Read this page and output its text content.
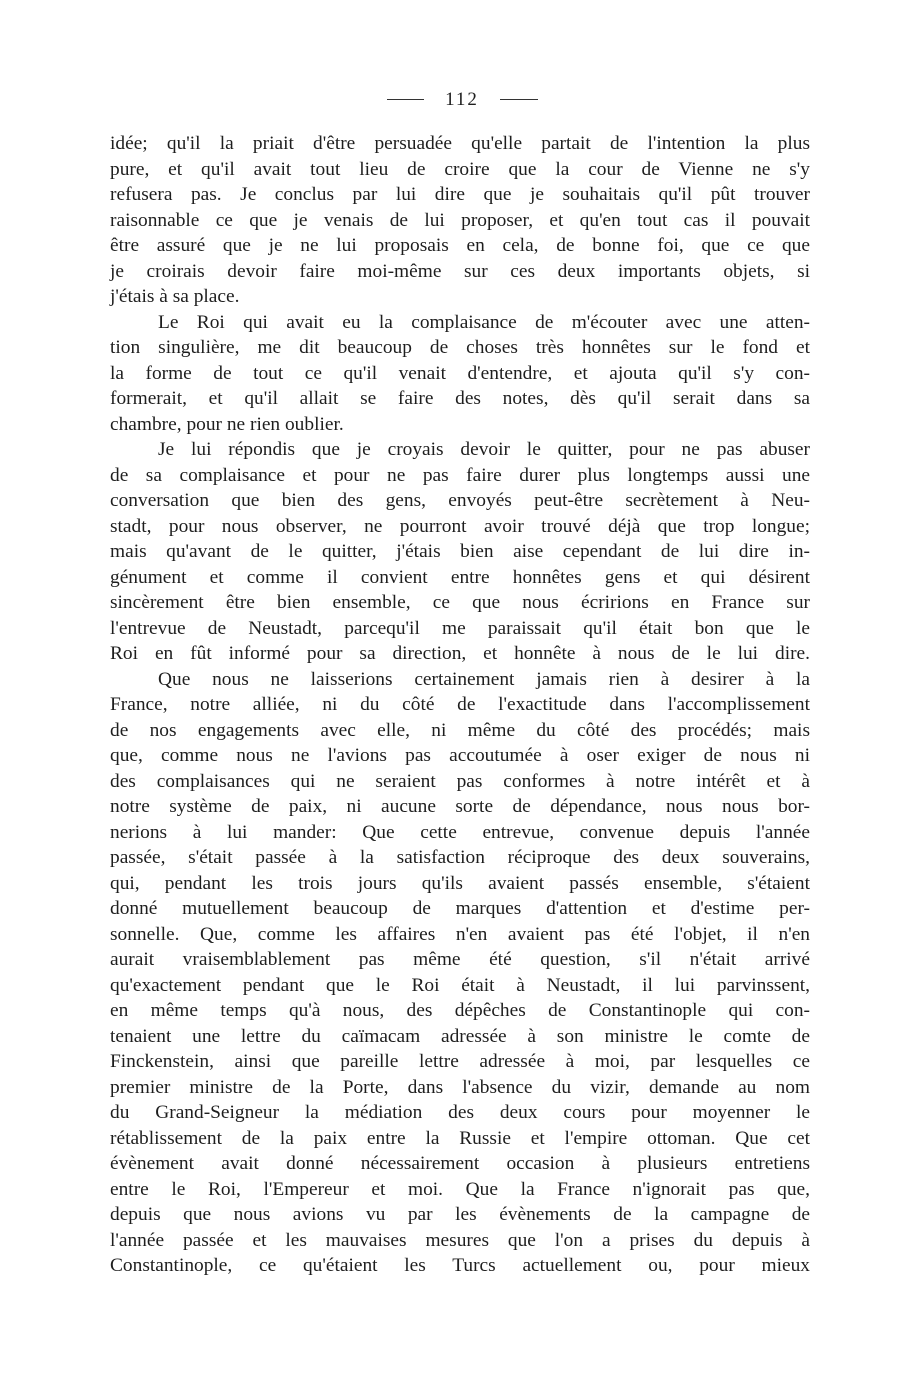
112
idée; qu'il la priait d'être persuadée qu'elle partait de l'intention la plus
pure, et qu'il avait tout lieu de croire que la cour de Vienne ne s'y
refusera pas. Je conclus par lui dire que je souhaitais qu'il pût trouver
raisonnable ce que je venais de lui proposer, et qu'en tout cas il pouvait
être assuré que je ne lui proposais en cela, de bonne foi, que ce que
je croirais devoir faire moi-même sur ces deux importants objets, si
j'étais à sa place.
Le Roi qui avait eu la complaisance de m'écouter avec une atten-
tion singulière, me dit beaucoup de choses très honnêtes sur le fond et
la forme de tout ce qu'il venait d'entendre, et ajouta qu'il s'y con-
formerait, et qu'il allait se faire des notes, dès qu'il serait dans sa
chambre, pour ne rien oublier.
Je lui répondis que je croyais devoir le quitter, pour ne pas abuser
de sa complaisance et pour ne pas faire durer plus longtemps aussi une
conversation que bien des gens, envoyés peut-être secrètement à Neu-
stadt, pour nous observer, ne pourront avoir trouvé déjà que trop longue;
mais qu'avant de le quitter, j'étais bien aise cependant de lui dire in-
génument et comme il convient entre honnêtes gens et qui désirent
sincèrement être bien ensemble, ce que nous écririons en France sur
l'entrevue de Neustadt, parcequ'il me paraissait qu'il était bon que le
Roi en fût informé pour sa direction, et honnête à nous de le lui dire.
Que nous ne laisserions certainement jamais rien à desirer à la
France, notre alliée, ni du côté de l'exactitude dans l'accomplissement
de nos engagements avec elle, ni même du côté des procédés; mais
que, comme nous ne l'avions pas accoutumée à oser exiger de nous ni
des complaisances qui ne seraient pas conformes à notre intérêt et à
notre système de paix, ni aucune sorte de dépendance, nous nous bor-
nerions à lui mander: Que cette entrevue, convenue depuis l'année
passée, s'était passée à la satisfaction réciproque des deux souverains,
qui, pendant les trois jours qu'ils avaient passés ensemble, s'étaient
donné mutuellement beaucoup de marques d'attention et d'estime per-
sonnelle. Que, comme les affaires n'en avaient pas été l'objet, il n'en
aurait vraisemblablement pas même été question, s'il n'était arrivé
qu'exactement pendant que le Roi était à Neustadt, il lui parvinssent,
en même temps qu'à nous, des dépêches de Constantinople qui con-
tenaient une lettre du caïmacam adressée à son ministre le comte de
Finckenstein, ainsi que pareille lettre adressée à moi, par lesquelles ce
premier ministre de la Porte, dans l'absence du vizir, demande au nom
du Grand-Seigneur la médiation des deux cours pour moyenner le
rétablissement de la paix entre la Russie et l'empire ottoman. Que cet
évènement avait donné nécessairement occasion à plusieurs entretiens
entre le Roi, l'Empereur et moi. Que la France n'ignorait pas que,
depuis que nous avions vu par les évènements de la campagne de
l'année passée et les mauvaises mesures que l'on a prises du depuis à
Constantinople, ce qu'étaient les Turcs actuellement ou, pour mieux
